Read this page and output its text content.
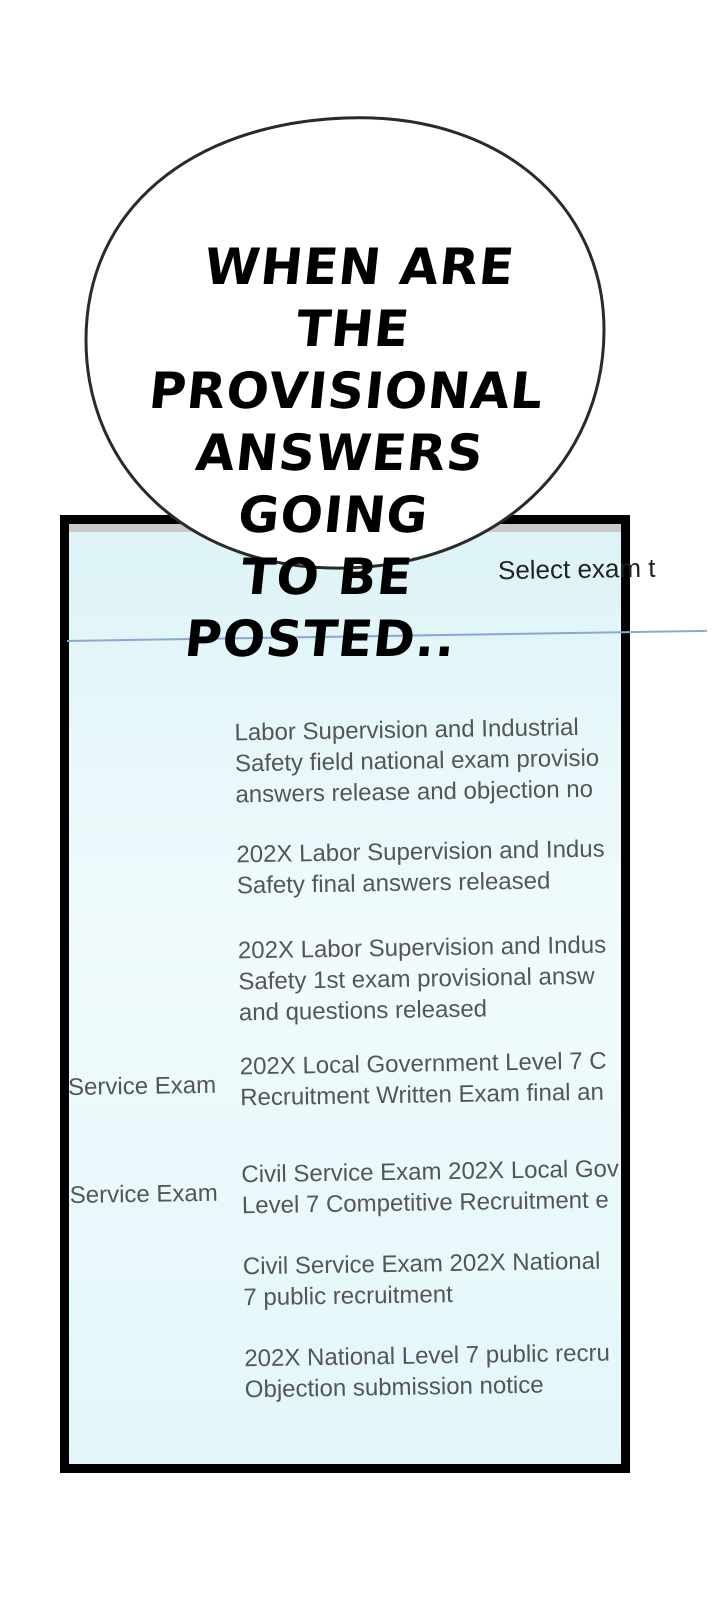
Select exam t
Labor Supervision and Industrial
Safety field national exam provisio
answers release and objection no
202X Labor Supervision and Indus
Safety final answers released
202X Labor Supervision and Indus
Safety 1st exam provisional answ
and questions released
Service Exam
202X Local Government Level 7 C
Recruitment Written Exam final an
Service Exam
Civil Service Exam 202X Local Gov
Level 7 Competitive Recruitment e
Civil Service Exam 202X National
7 public recruitment
202X National Level 7 public recru
Objection submission notice
WHEN ARE
THE PROVISIONAL
ANSWERS GOING
TO BE POSTED..
